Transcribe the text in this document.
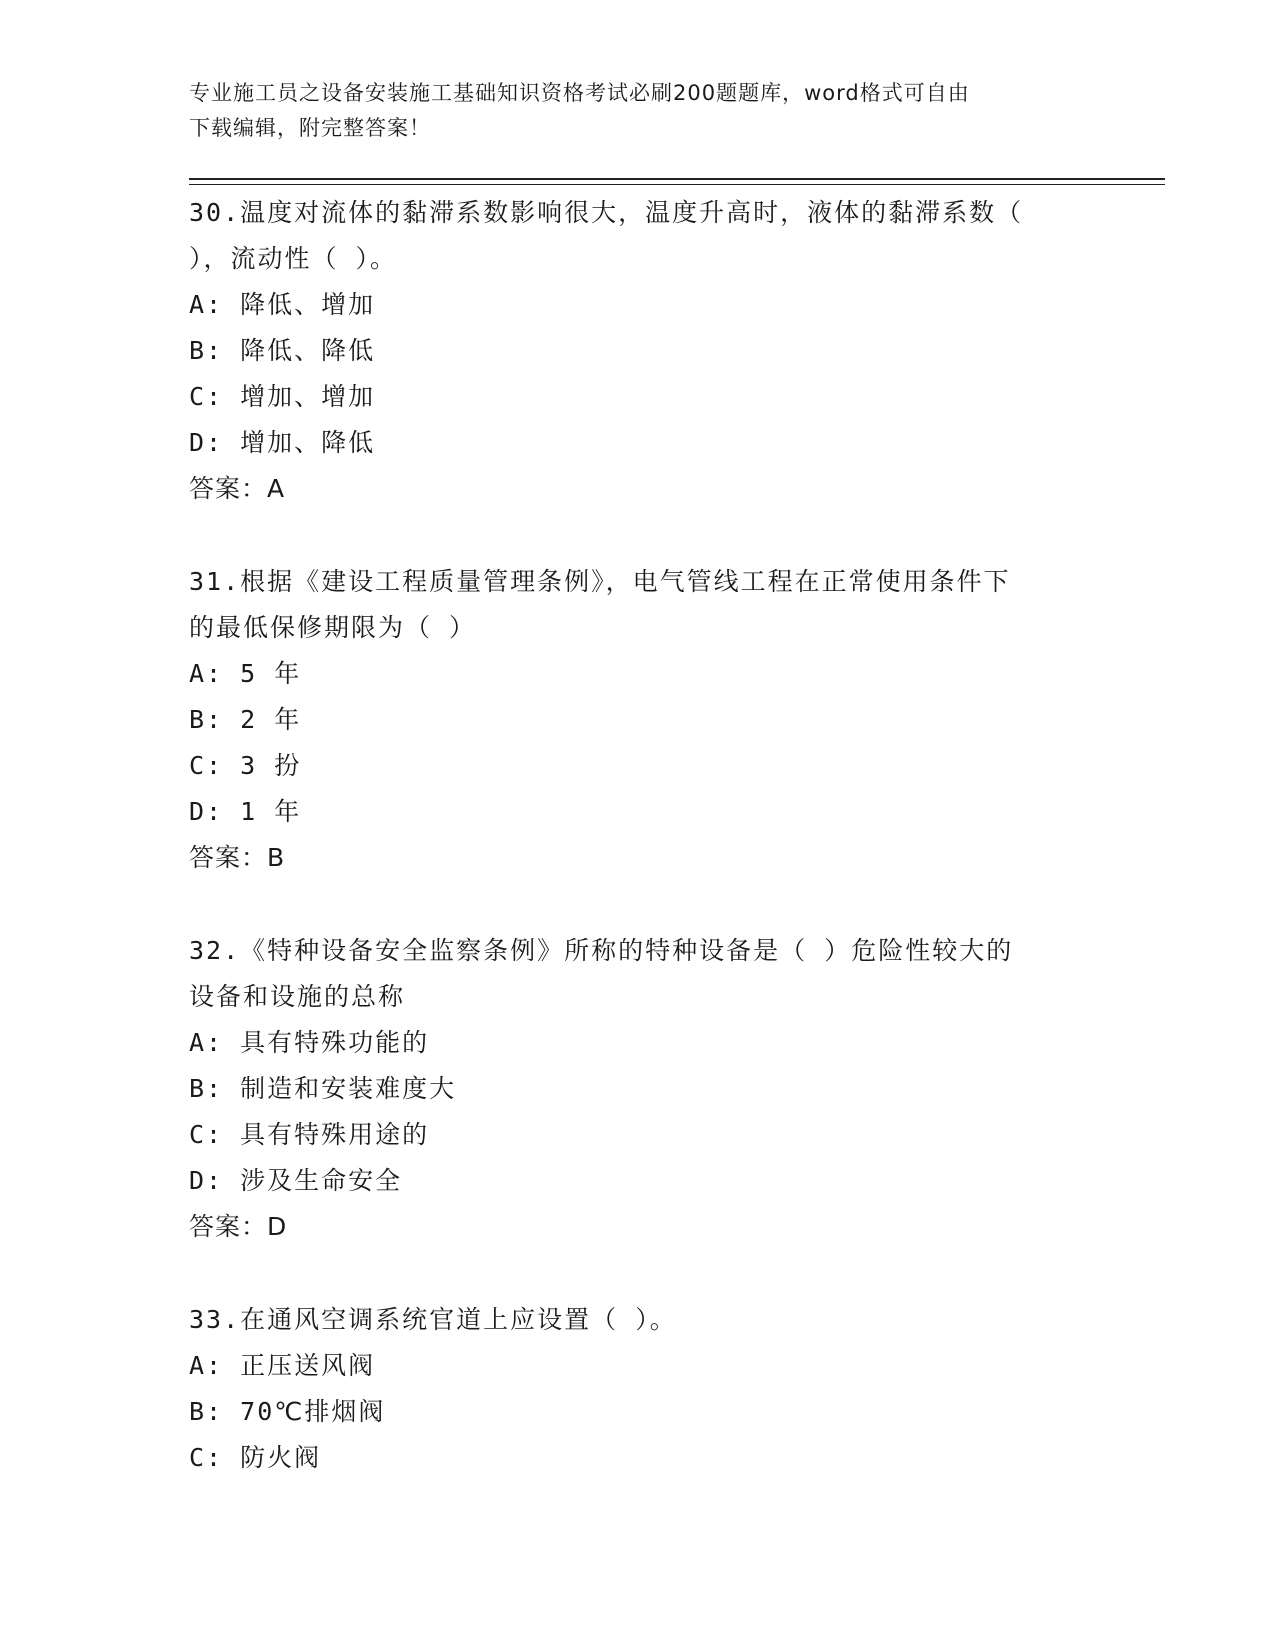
专业施工员之设备安装施工基础知识资格考试必刷200题题库，word格式可自由
下载编辑，附完整答案！

30.温度对流体的黏滞系数影响很大，温度升高时，液体的黏滞系数（

），流动性（ ）。

A: 降低、增加

B: 降低、降低

C: 增加、增加

D: 增加、降低

答案：A

31.根据《建设工程质量管理条例》，电气管线工程在正常使用条件下

的最低保修期限为（ ）

A: 5 年

B: 2 年

C: 3 扮

D: 1 年

答案：B

32.《特种设备安全监察条例》所称的特种设备是（ ）危险性较大的

设备和设施的总称

A: 具有特殊功能的

B: 制造和安装难度大

C: 具有特殊用途的

D: 涉及生命安全

答案：D

33.在通风空调系统官道上应设置（ ）。

A: 正压送风阀

B: 70℃排烟阀

C: 防火阀
